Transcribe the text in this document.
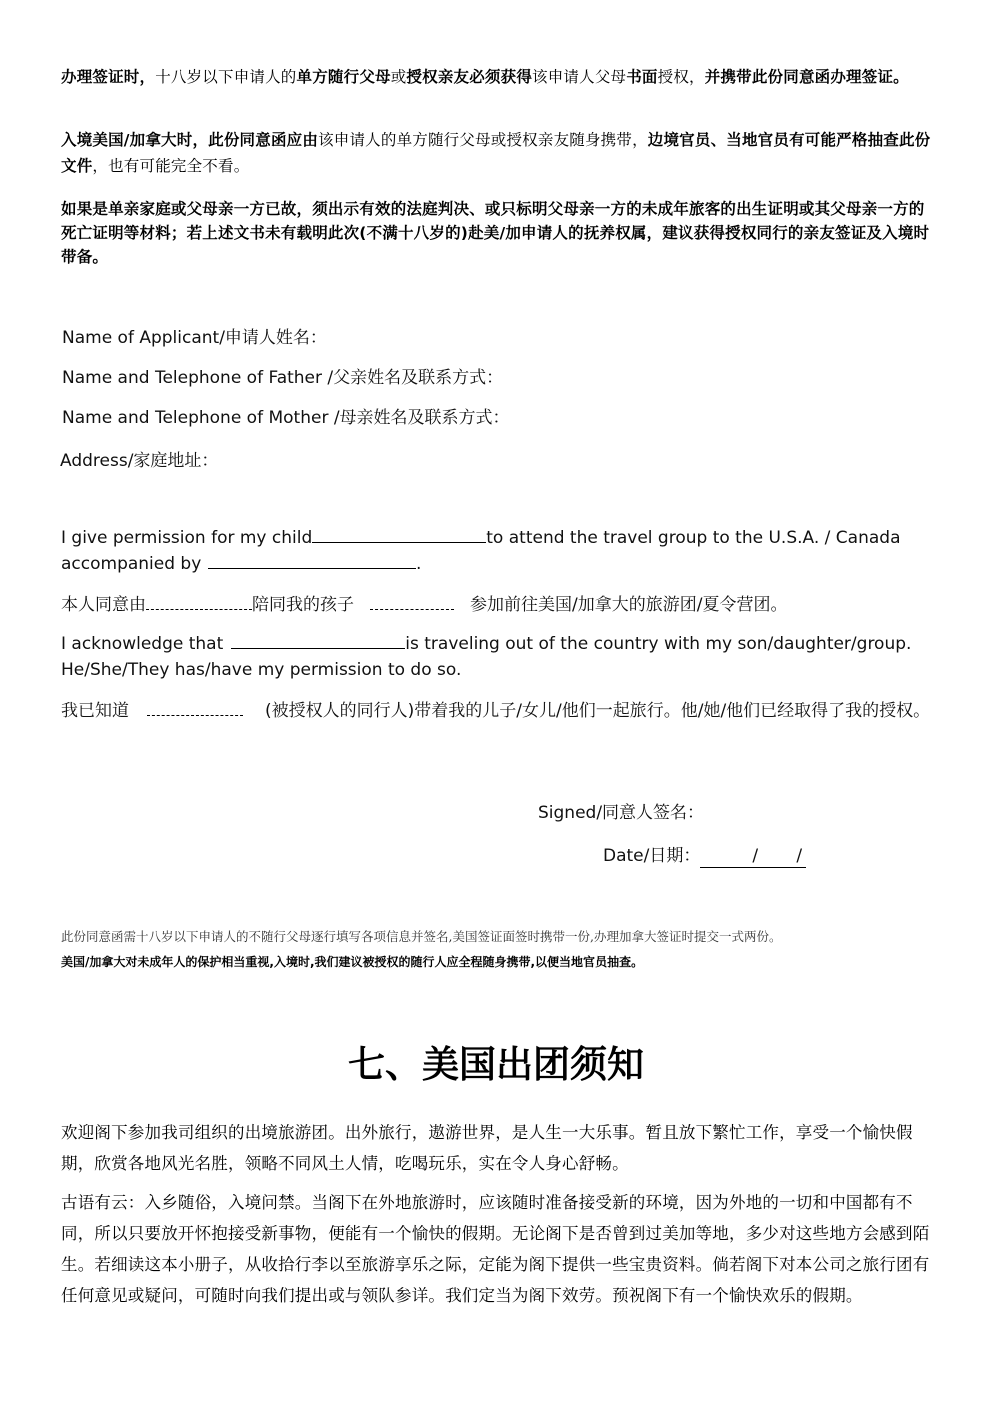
办理签证时，十八岁以下申请人的单方随行父母或授权亲友必须获得该申请人父母书面授权，并携带此份同意函办理签证。
入境美国/加拿大时，此份同意函应由该申请人的单方随行父母或授权亲友随身携带，边境官员、当地官员有可能严格抽查此份文件，也有可能完全不看。
如果是单亲家庭或父母亲一方已故，须出示有效的法庭判决、或只标明父母亲一方的未成年旅客的出生证明或其父母亲一方的死亡证明等材料；若上述文书未有载明此次(不满十八岁的)赴美/加申请人的抚养权属，建议获得授权同行的亲友签证及入境时带备。
Name of Applicant/申请人姓名：
Name and Telephone of Father /父亲姓名及联系方式：
Name and Telephone of Mother /母亲姓名及联系方式：
Address/家庭地址：
I give permission for my child	to attend the travel group to the U.S.A. / Canada accompanied by	.
本人同意由	陪同我的孩子	参加前往美国/加拿大的旅游团/夏令营团。
I acknowledge that	is traveling out of the country with my son/daughter/group. He/She/They has/have my permission to do so.
我已知道	(被授权人的同行人)带着我的儿子/女儿/他们一起旅行。他/她/他们已经取得了我的授权。
Signed/同意人签名：
Date/日期：	/ /

此份同意函需十八岁以下申请人的不随行父母逐行填写各项信息并签名,美国签证面签时携带一份,办理加拿大签证时提交一式两份。
美国/加拿大对未成年人的保护相当重视,入境时,我们建议被授权的随行人应全程随身携带,以便当地官员抽查。
七、美国出团须知
欢迎阁下参加我司组织的出境旅游团。出外旅行，遨游世界，是人生一大乐事。暂且放下繁忙工作，享受一个愉快假期，欣赏各地风光名胜，领略不同风土人情，吃喝玩乐，实在令人身心舒畅。
古语有云：入乡随俗，入境问禁。当阁下在外地旅游时，应该随时准备接受新的环境，因为外地的一切和中国都有不同，所以只要放开怀抱接受新事物，便能有一个愉快的假期。无论阁下是否曾到过美加等地，多少对这些地方会感到陌生。若细读这本小册子，从收拾行李以至旅游享乐之际，定能为阁下提供一些宝贵资料。倘若阁下对本公司之旅行团有任何意见或疑问，可随时向我们提出或与领队参详。我们定当为阁下效劳。预祝阁下有一个愉快欢乐的假期。
